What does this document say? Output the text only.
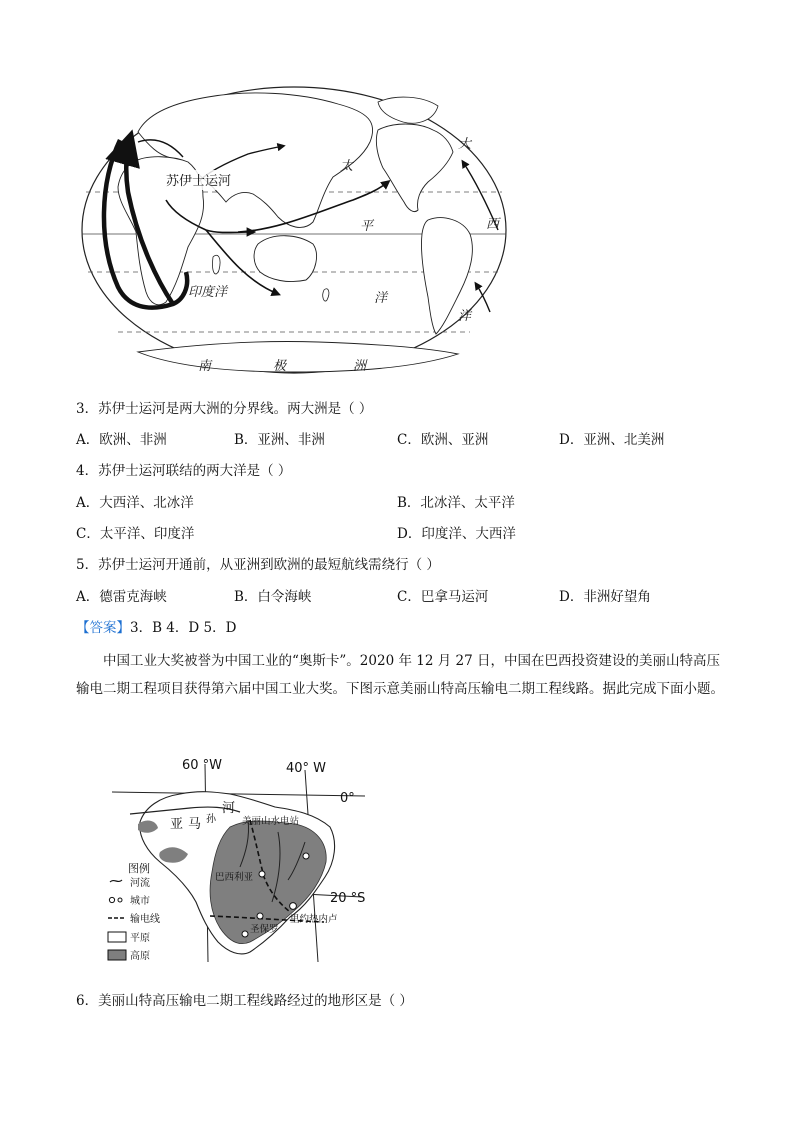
苏伊士运河
太
平
洋
大
西
洋
印度洋
南	极	洲
3．苏伊士运河是两大洲的分界线。两大洲是（ ）
A．欧洲、非洲	B．亚洲、非洲	C．欧洲、亚洲	D．亚洲、北美洲
4．苏伊士运河联结的两大洋是（ ）
A．大西洋、北冰洋	B．北冰洋、太平洋
C．太平洋、印度洋	D．印度洋、大西洋
5．苏伊士运河开通前，从亚洲到欧洲的最短航线需绕行（ ）
A．德雷克海峡	B．白令海峡	C．巴拿马运河	D．非洲好望角
【答案】3．B 4．D 5．D
中国工业大奖被誉为中国工业的“奥斯卡”。2020 年 12 月 27 日，中国在巴西投资建设的美丽山特高压输电二期工程项目获得第六届中国工业大奖。下图示意美丽山特高压输电二期工程线路。据此完成下面小题。
60 °W	40° W
0°
20 °S
亚 马 孙
河
美丽山水电站
巴西利亚
里约热内卢
圣保罗
图例
河流
城市
输电线
平原
高原
6．美丽山特高压输电二期工程线路经过的地形区是（ ）
